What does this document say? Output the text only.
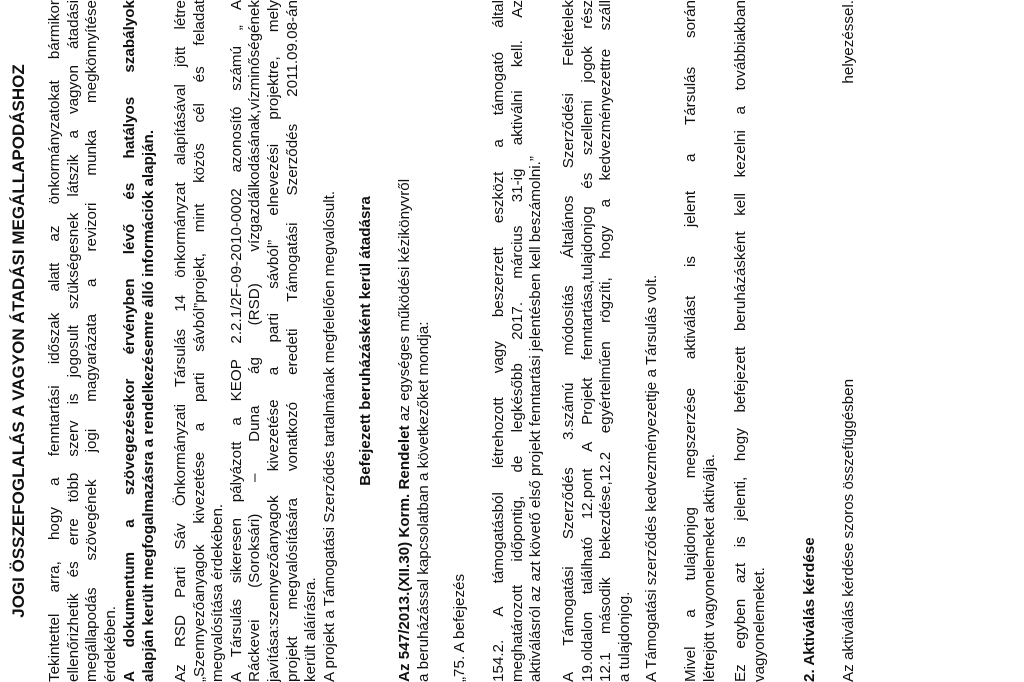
JOGI ÖSSZEFOGLALÁS A VAGYON ÁTADÁSI MEGÁLLAPODÁSHOZ Tekintettel arra, hogy a fenntartási időszak alatt az önkormányzatokat bármikor ellenőrizhetik és erre több szerv is jogosult szükségesnek látszik a vagyon átadási megállapodás szövegének jogi magyarázata a revizori munka megkönnyítése érdekében. A dokumentum a szövegezésekor érvényben lévő és hatályos szabályok alapján került megfogalmazásra a rendelkezésemre álló információk alapján. Az RSD Parti Sáv Önkormányzati Társulás 14 önkormányzat alapításával jött létre „Szennyezőanyagok kivezetése a parti sávból”projekt, mint közös cél és feladat megvalósítása érdekében. A Társulás sikeresen pályázott a KEOP 2.2.1/2F-09-2010-0002 azonosító számú „ A Ráckevei (Soroksári) – Duna ág (RSD) vízgazdálkodásának,vízminőségének javítása:szennyezőanyagok kivezetése a parti sávból” elnevezési projektre, mely projekt megvalósítására vonatkozó eredeti Támogatási Szerződés 2011.09.08-án került aláírásra. A projekt a Támogatási Szerződés tartalmának megfelelően megvalósult. Befejezett beruházásként kerül átadásra
Az 547/2013.(XII.30) Korm. Rendelet az egységes működési kézikönyvről
a beruházással kapcsolatban a következőket mondja: „75. A befejezés 154.2. A támogatásból létrehozott vagy beszerzett eszközt a támogató által meghatározott időpontig, de legkésőbb 2017. március 31-ig aktiválni kell. Az aktiválásról az azt követő első projekt fenntartási jelentésben kell beszámolni.” A Támogatási Szerződés 3.számú módosítás Általános Szerződési Feltételek 19.oldalon található 12.pont A Projekt fenntartása,tulajdonjog és szellemi jogok rész 12.1 második bekezdése,12.2 egyértelműen rögzíti, hogy a kedvezményezettre száll a tulajdonjog. A Támogatási szerződés kedvezményezettje a Társulás volt. Mivel a tulajdonjog megszerzése aktiválást is jelent a Társulás során létrejött vagyonelemeket aktiválja. Ez egyben azt is jelenti, hogy befejezett beruházásként kell kezelni a továbbiakban vagyonelemeket. 2. Aktiválás kérdése Az aktiválás kérdése szoros összefüggésben
helyezéssel.
